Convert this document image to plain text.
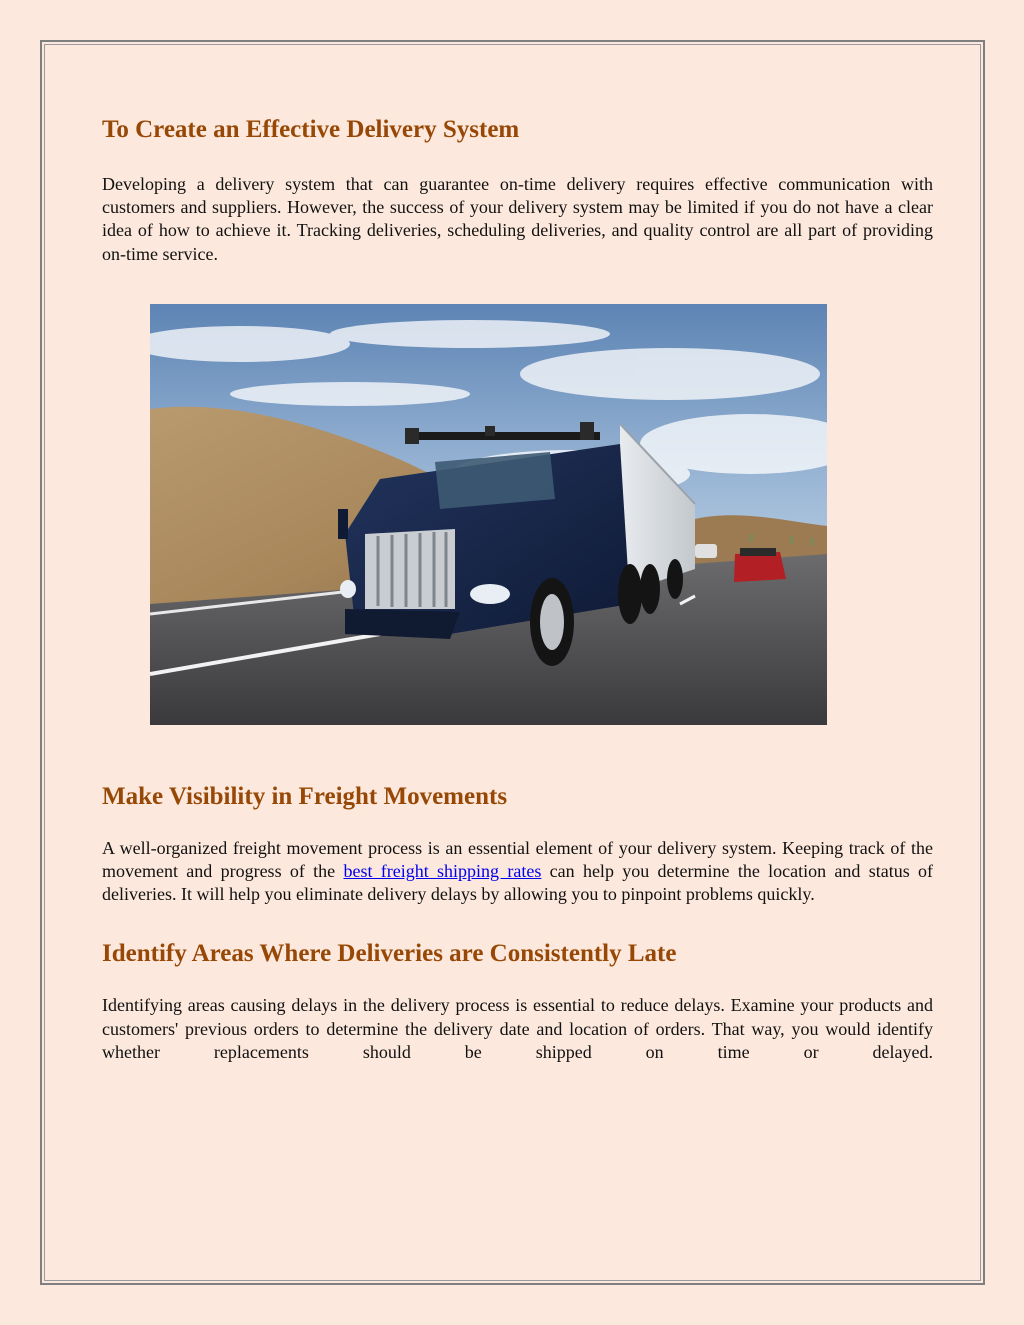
To Create an Effective Delivery System

Developing a delivery system that can guarantee on-time delivery requires effective communication with customers and suppliers. However, the success of your delivery system may be limited if you do not have a clear idea of how to achieve it. Tracking deliveries, scheduling deliveries, and quality control are all part of providing on-time service.

Make Visibility in Freight Movements

A well-organized freight movement process is an essential element of your delivery system. Keeping track of the movement and progress of the best freight shipping rates can help you determine the location and status of deliveries. It will help you eliminate delivery delays by allowing you to pinpoint problems quickly.

Identify Areas Where Deliveries are Consistently Late

Identifying areas causing delays in the delivery process is essential to reduce delays. Examine your products and customers' previous orders to determine the delivery date and location of orders. That way, you would identify whether replacements should be shipped on time or delayed.
